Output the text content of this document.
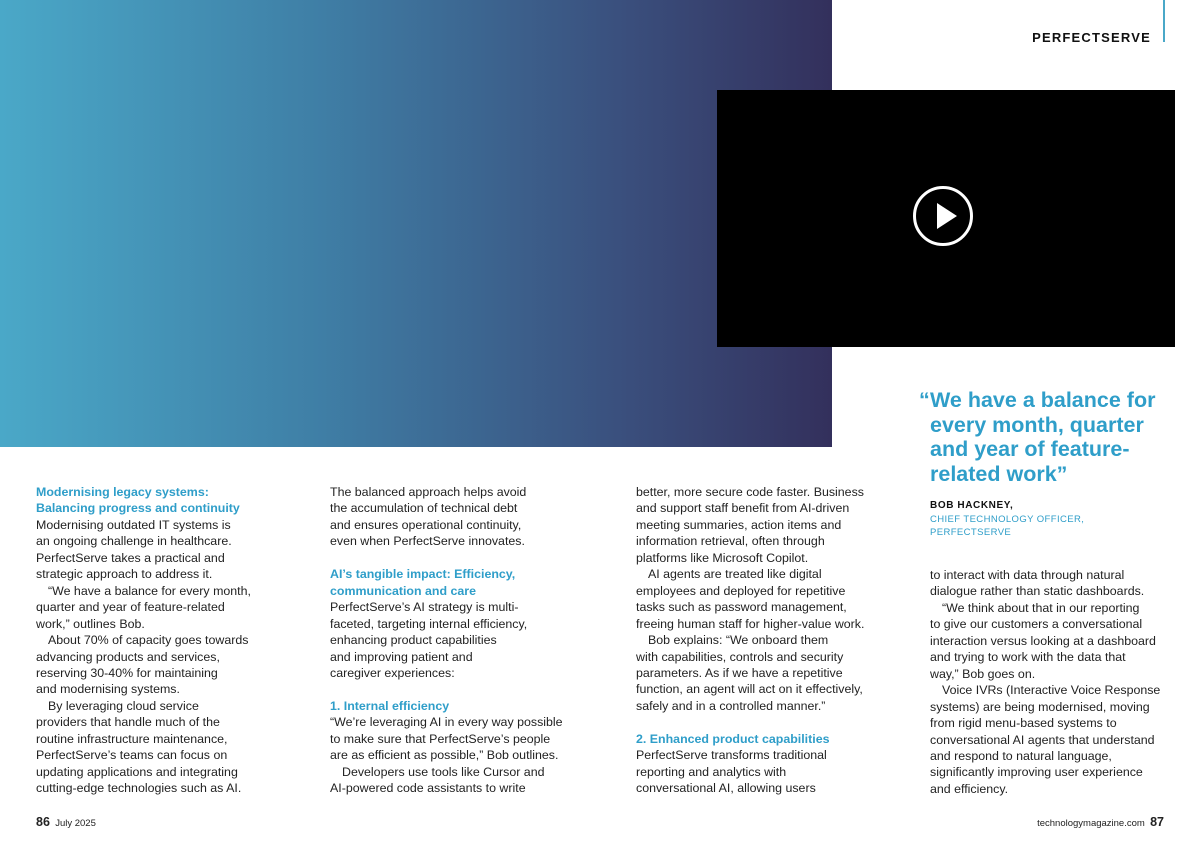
PERFECTSERVE

Modernising legacy systems:

Balancing progress and continuity

Modernising outdated IT systems is

an ongoing challenge in healthcare.

PerfectServe takes a practical and

strategic approach to address it.

“We have a balance for every month,

quarter and year of feature-related

work,” outlines Bob.

About 70% of capacity goes towards

advancing products and services,

reserving 30-40% for maintaining

and modernising systems.

By leveraging cloud service

providers that handle much of the

routine infrastructure maintenance,

PerfectServe’s teams can focus on

updating applications and integrating

cutting-edge technologies such as AI.

The balanced approach helps avoid

the accumulation of technical debt

and ensures operational continuity,

even when PerfectServe innovates.

AI’s tangible impact: Efficiency,

communication and care

PerfectServe’s AI strategy is multi-

faceted, targeting internal efficiency,

enhancing product capabilities

and improving patient and

caregiver experiences:

1. Internal efficiency

“We’re leveraging AI in every way possible

to make sure that PerfectServe’s people

are as efficient as possible,” Bob outlines.

Developers use tools like Cursor and

AI-powered code assistants to write

better, more secure code faster. Business

and support staff benefit from AI-driven

meeting summaries, action items and

information retrieval, often through

platforms like Microsoft Copilot.

AI agents are treated like digital

employees and deployed for repetitive

tasks such as password management,

freeing human staff for higher-value work.

Bob explains: “We onboard them

with capabilities, controls and security

parameters. As if we have a repetitive

function, an agent will act on it effectively,

safely and in a controlled manner.”

2. Enhanced product capabilities

PerfectServe transforms traditional

reporting and analytics with

conversational AI, allowing users

“ We have a balance for every month, quarter and year of feature-related work”
BOB HACKNEY,
CHIEF TECHNOLOGY OFFICER, PERFECTSERVE

to interact with data through natural

dialogue rather than static dashboards.

“We think about that in our reporting

to give our customers a conversational

interaction versus looking at a dashboard

and trying to work with the data that

way,” Bob goes on.

Voice IVRs (Interactive Voice Response

systems) are being modernised, moving

from rigid menu-based systems to

conversational AI agents that understand

and respond to natural language,

significantly improving user experience

and efficiency.

86 July 2025	technologymagazine.com 87
